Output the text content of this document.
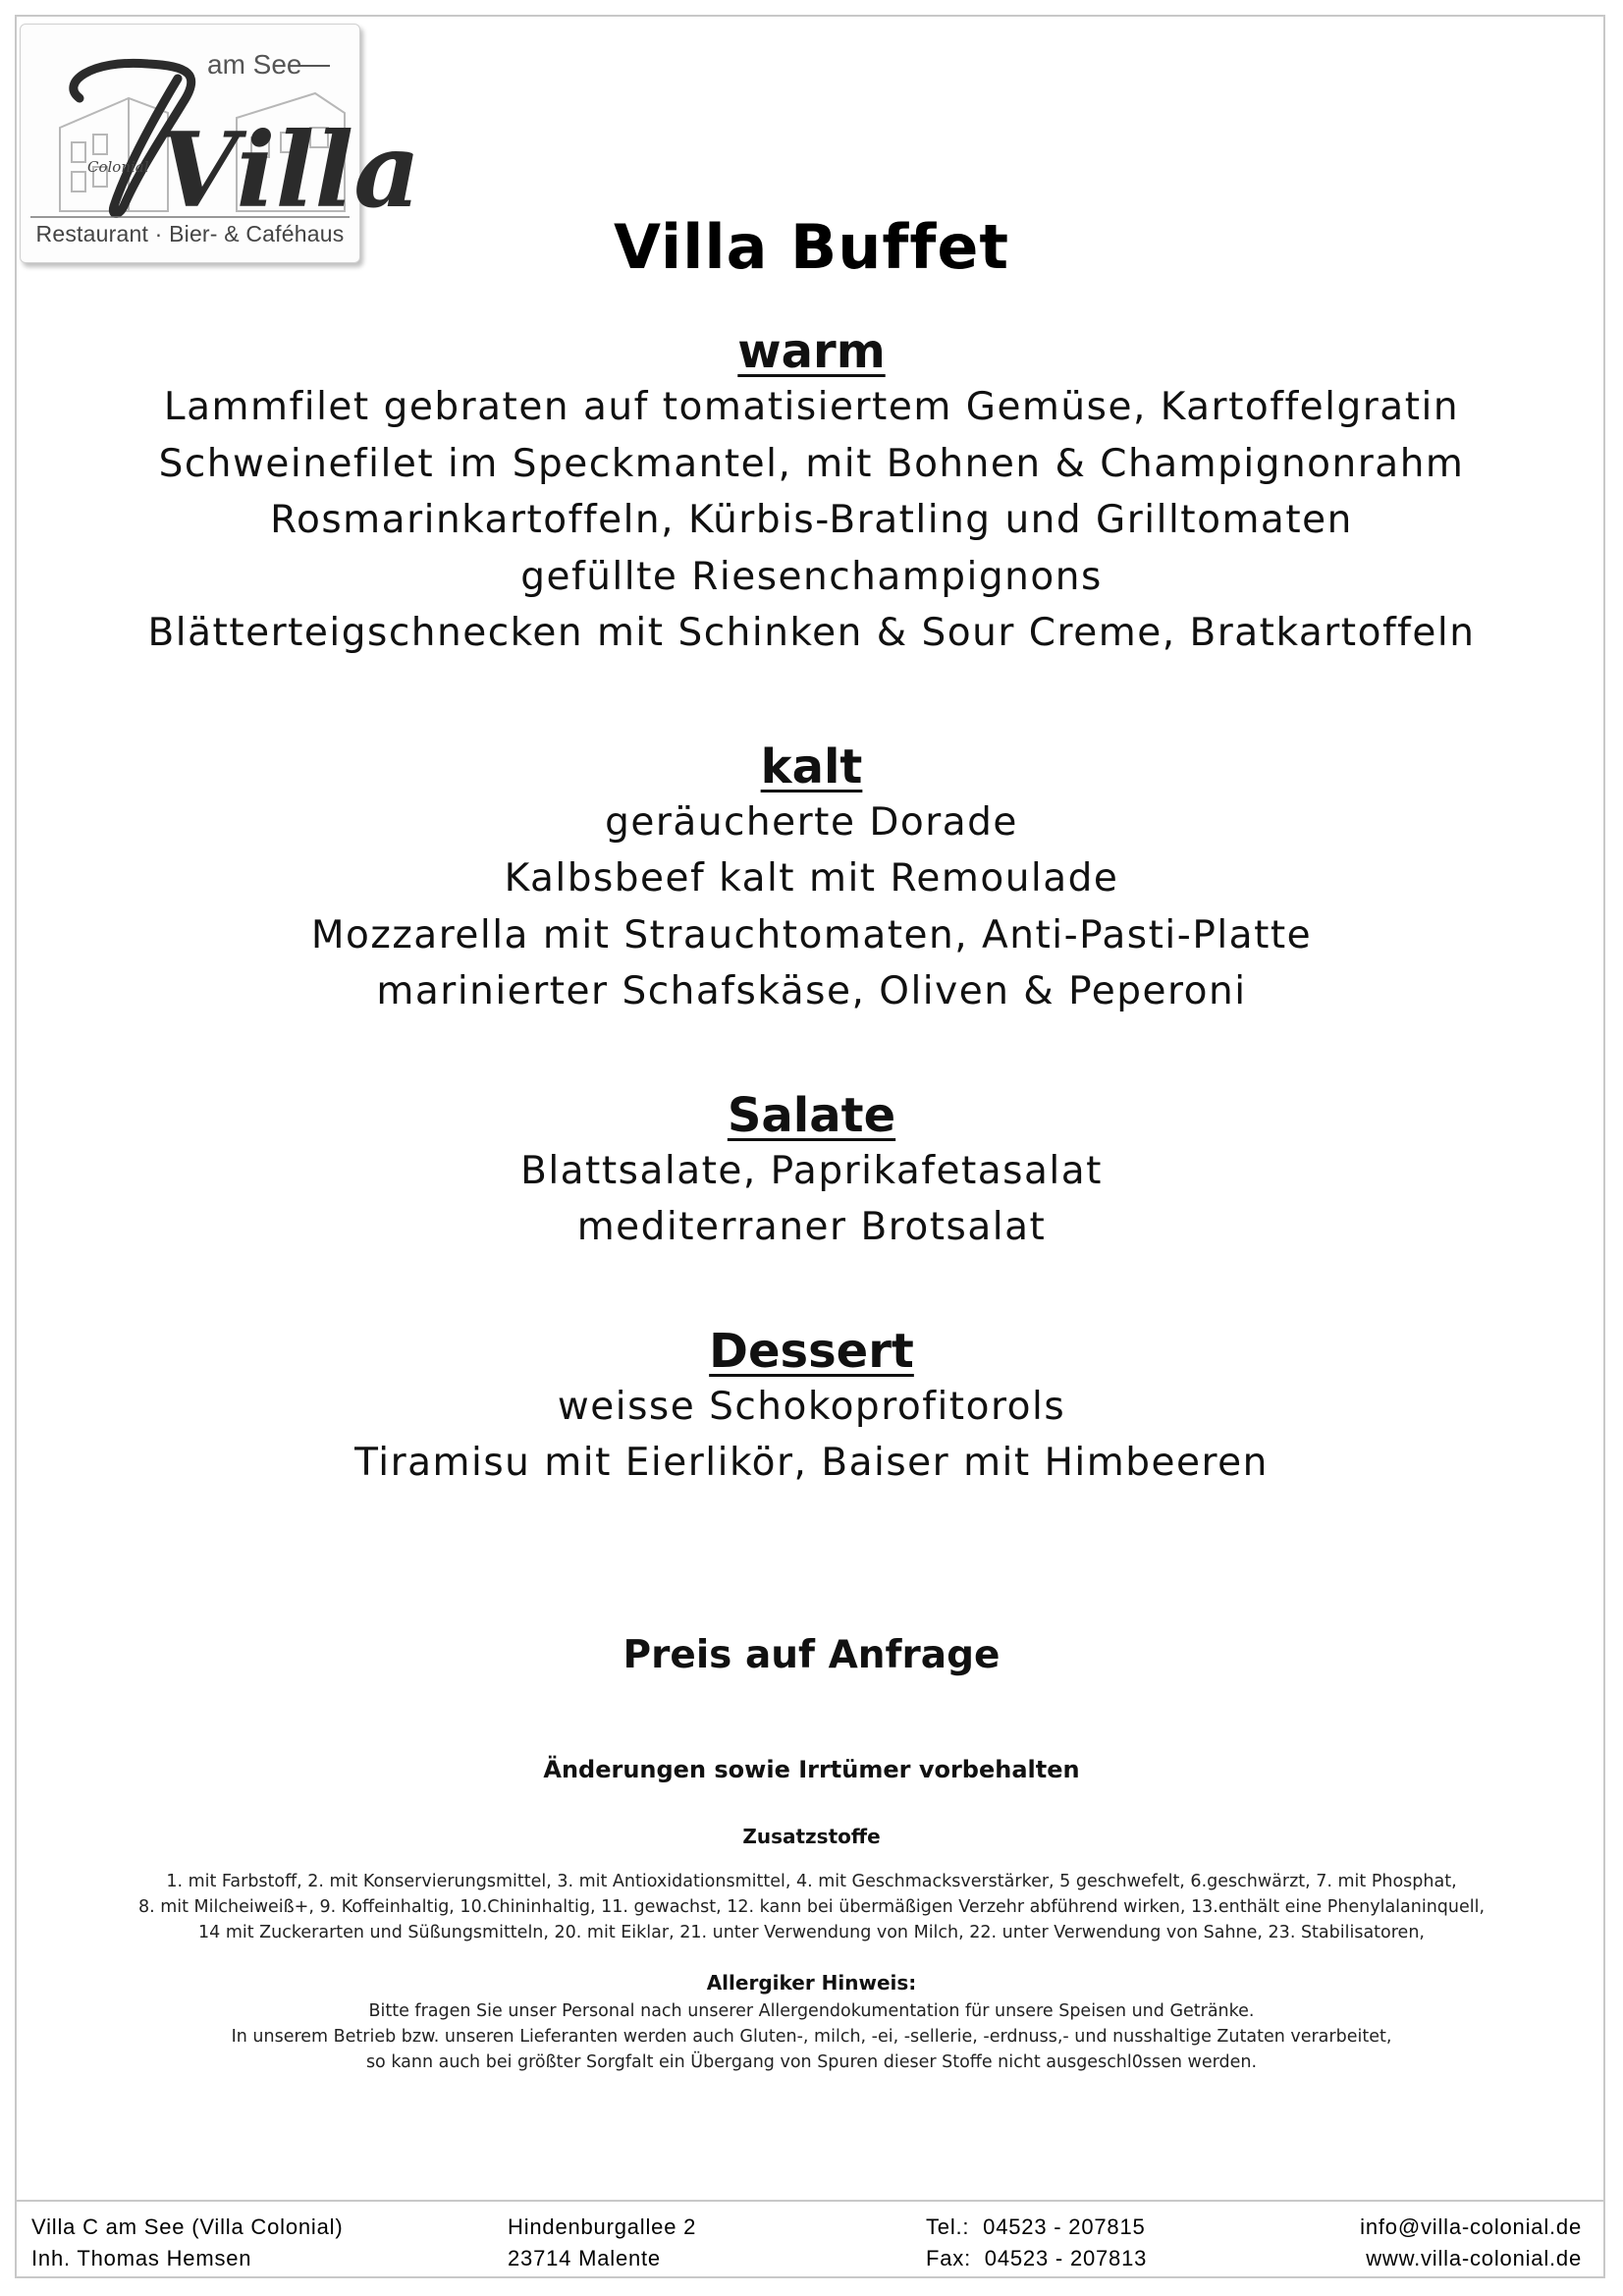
Villa
am See
Colonial
Restaurant · Bier- & Caféhaus	Villa Buffet

warm

Lammfilet gebraten auf tomatisiertem Gemüse, Kartoffelgratin

Schweinefilet im Speckmantel, mit Bohnen & Champignonrahm

Rosmarinkartoffeln, Kürbis-Bratling und Grilltomaten

gefüllte Riesenchampignons

Blätterteigschnecken mit Schinken & Sour Creme, Bratkartoffeln

kalt

geräucherte Dorade

Kalbsbeef kalt mit Remoulade

Mozzarella mit Strauchtomaten, Anti-Pasti-Platte

marinierter Schafskäse, Oliven & Peperoni

Salate

Blattsalate, Paprikafetasalat

mediterraner Brotsalat

Dessert

weisse Schokoprofitorols

Tiramisu mit Eierlikör, Baiser mit Himbeeren

Preis auf Anfrage
Änderungen sowie Irrtümer vorbehalten
Zusatzstoffe
1. mit Farbstoff, 2. mit Konservierungsmittel, 3. mit Antioxidationsmittel, 4. mit Geschmacksverstärker, 5 geschwefelt, 6.geschwärzt, 7. mit Phosphat,
8. mit Milcheiweiß+, 9. Koffeinhaltig, 10.Chininhaltig, 11. gewachst, 12. kann bei übermäßigen Verzehr abführend wirken, 13.enthält eine Phenylalaninquell,
14 mit Zuckerarten und Süßungsmitteln, 20. mit Eiklar, 21. unter Verwendung von Milch, 22. unter Verwendung von Sahne, 23. Stabilisatoren,
Allergiker Hinweis:
Bitte fragen Sie unser Personal nach unserer Allergendokumentation für unsere Speisen und Getränke.
In unserem Betrieb bzw. unseren Lieferanten werden auch Gluten-, milch, -ei, -sellerie, -erdnuss,- und nusshaltige Zutaten verarbeitet,
so kann auch bei größter Sorgfalt ein Übergang von Spuren dieser Stoffe nicht ausgeschl0ssen werden.
Villa C am See (Villa Colonial)
Inh. Thomas Hemsen
Hindenburgallee 2
23714 Malente
Tel.:  04523 - 207815
Fax:  04523 - 207813
info@villa-colonial.de
www.villa-colonial.de
